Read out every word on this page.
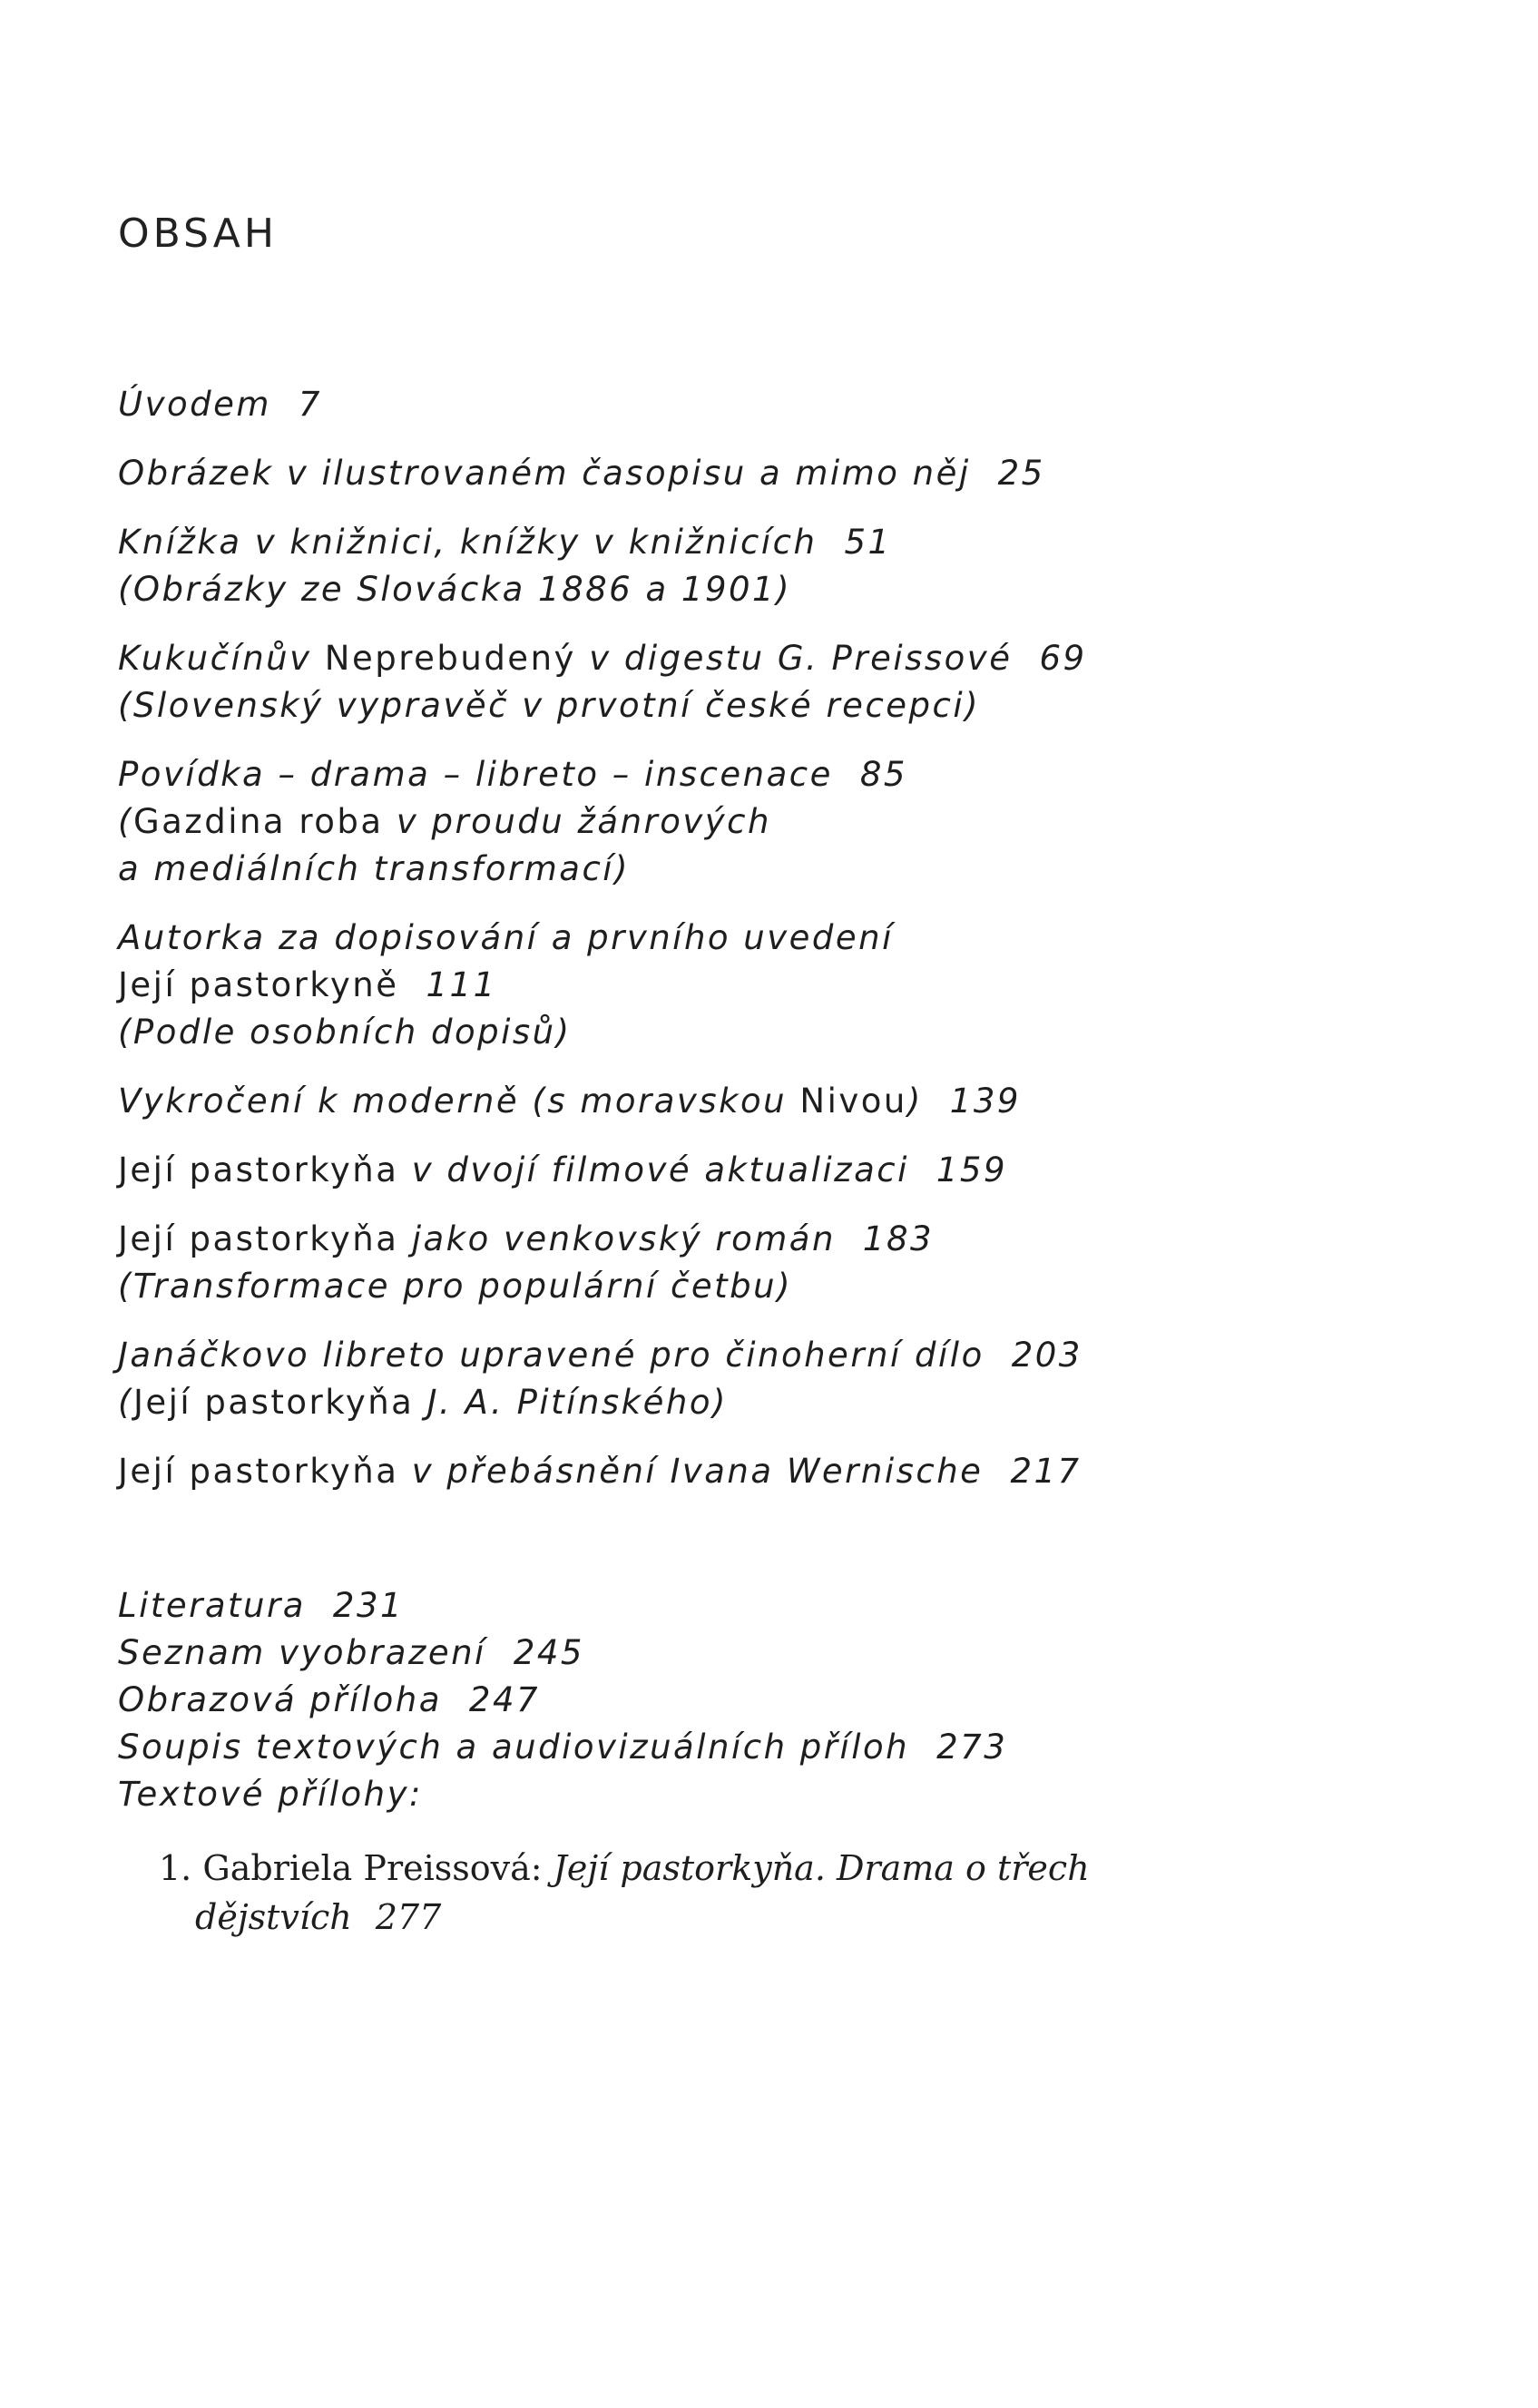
OBSAH
Úvodem 7
Obrázek v ilustrovaném časopisu a mimo něj 25
Knížka v knižnici, knížky v knižnicích 51
(Obrázky ze Slovácka 1886 a 1901)
Kukučínův Neprebudený v digestu G. Preissové 69
(Slovenský vypravěč v prvotní české recepci)
Povídka – drama – libreto – inscenace 85
(Gazdina roba v proudu žánrových
a mediálních transformací)
Autorka za dopisování a prvního uvedení
Její pastorkyně 111
(Podle osobních dopisů)
Vykročení k moderně (s moravskou Nivou) 139
Její pastorkyňa v dvojí filmové aktualizaci 159
Její pastorkyňa jako venkovský román 183
(Transformace pro populární četbu)
Janáčkovo libreto upravené pro činoherní dílo 203
(Její pastorkyňa J. A. Pitínského)
Její pastorkyňa v přebásnění Ivana Wernische 217
Literatura 231
Seznam vyobrazení 245
Obrazová příloha 247
Soupis textových a audiovizuálních příloh 273
Textové přílohy:
1. Gabriela Preissová: Její pastorkyňa. Drama o třech
dějstvích 277
